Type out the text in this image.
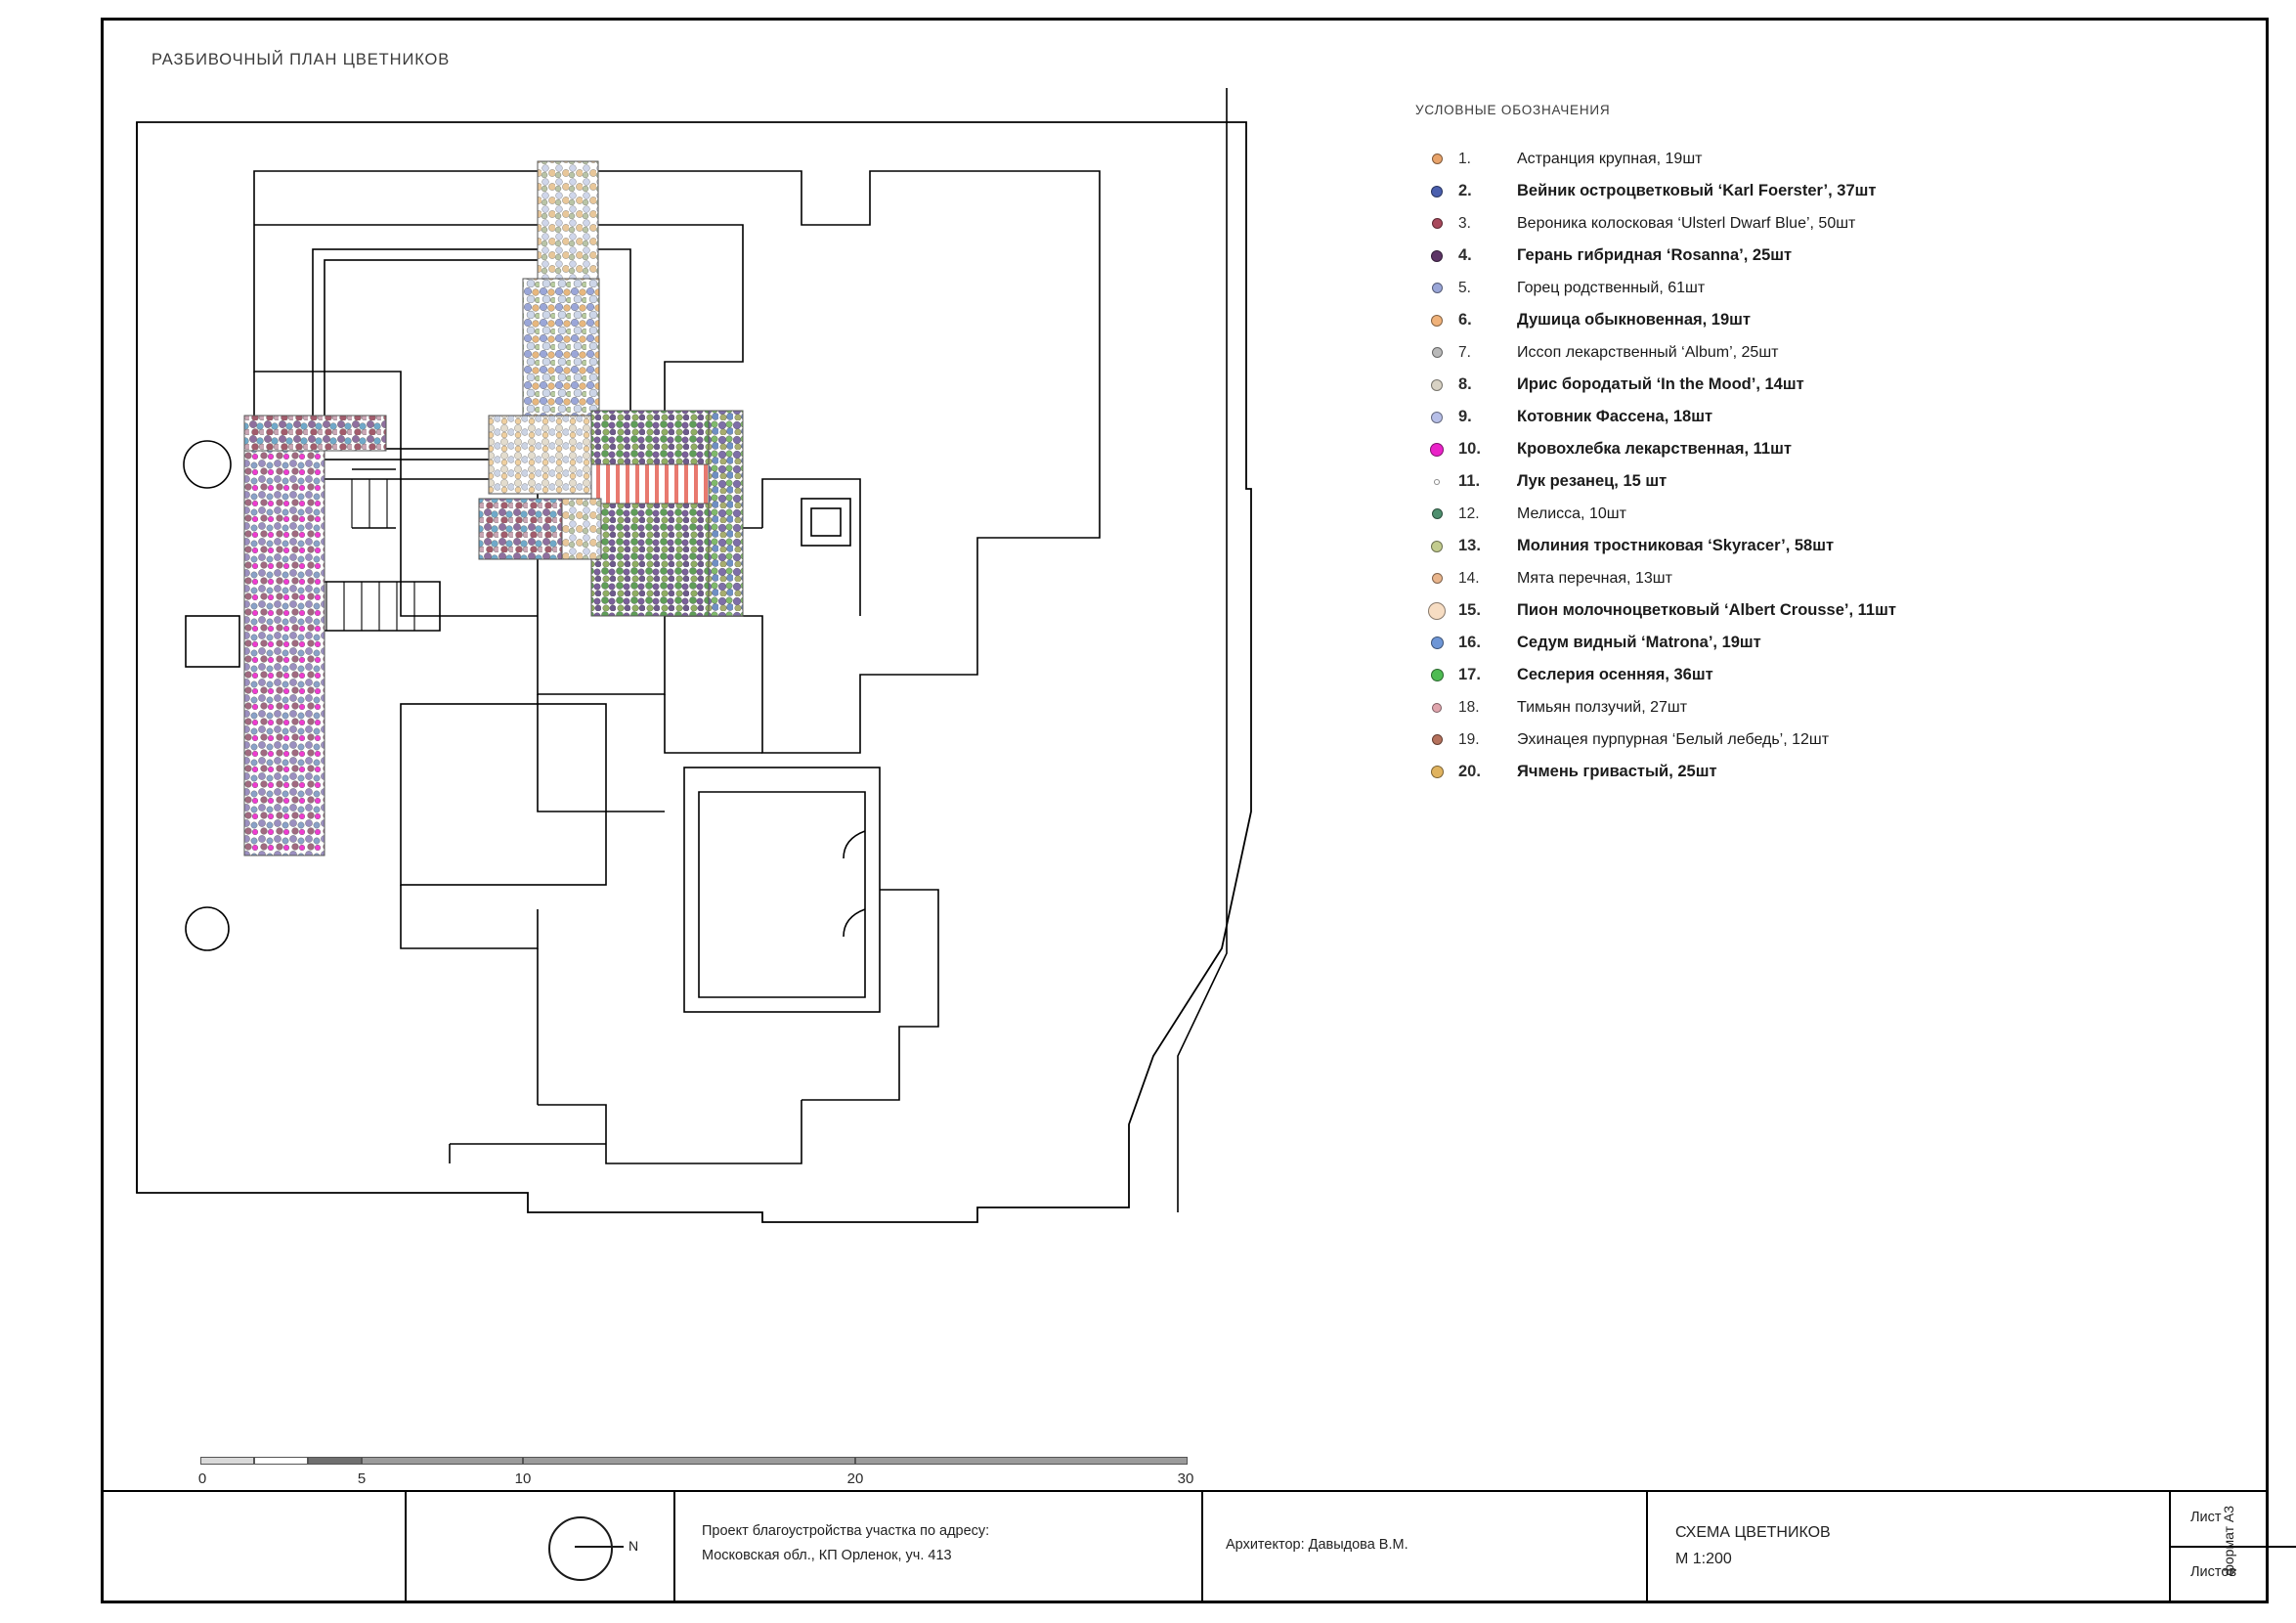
РАЗБИВОЧНЫЙ ПЛАН ЦВЕТНИКОВ
УСЛОВНЫЕ ОБОЗНАЧЕНИЯ
1.	Астранция крупная, 19шт
2.	Вейник остроцветковый ‘Karl Foerster’, 37шт
3.	Вероника колосковая ‘Ulsterl Dwarf Blue’, 50шт
4.	Герань гибридная ‘Rosanna’, 25шт
5.	Горец родственный, 61шт
6.	Душица обыкновенная, 19шт
7.	Иссоп лекарственный ‘Album’, 25шт
8.	Ирис бородатый ‘In the Mood’, 14шт
9.	Котовник Фассена, 18шт
10.	Кровохлебка лекарственная, 11шт
11.	Лук резанец, 15 шт
12.	Мелисса, 10шт
13.	Молиния тростниковая ‘Skyracer’, 58шт
14.	Мята перечная, 13шт
15.	Пион молочноцветковый ‘Albert Crousse’, 11шт
16.	Седум видный ‘Matrona’, 19шт
17.	Сеслерия осенняя, 36шт
18.	Тимьян ползучий, 27шт
19.	Эхинацея пурпурная ‘Белый лебедь’, 12шт
20.	Ячмень гривастый, 25шт
0	5	10	20	30
N
Проект благоустройства участка по адресу:
Московская обл., КП Орленок, уч. 413
Архитектор: Давыдова В.М.
СХЕМА ЦВЕТНИКОВ
М 1:200
Лист
Листов
формат А3
